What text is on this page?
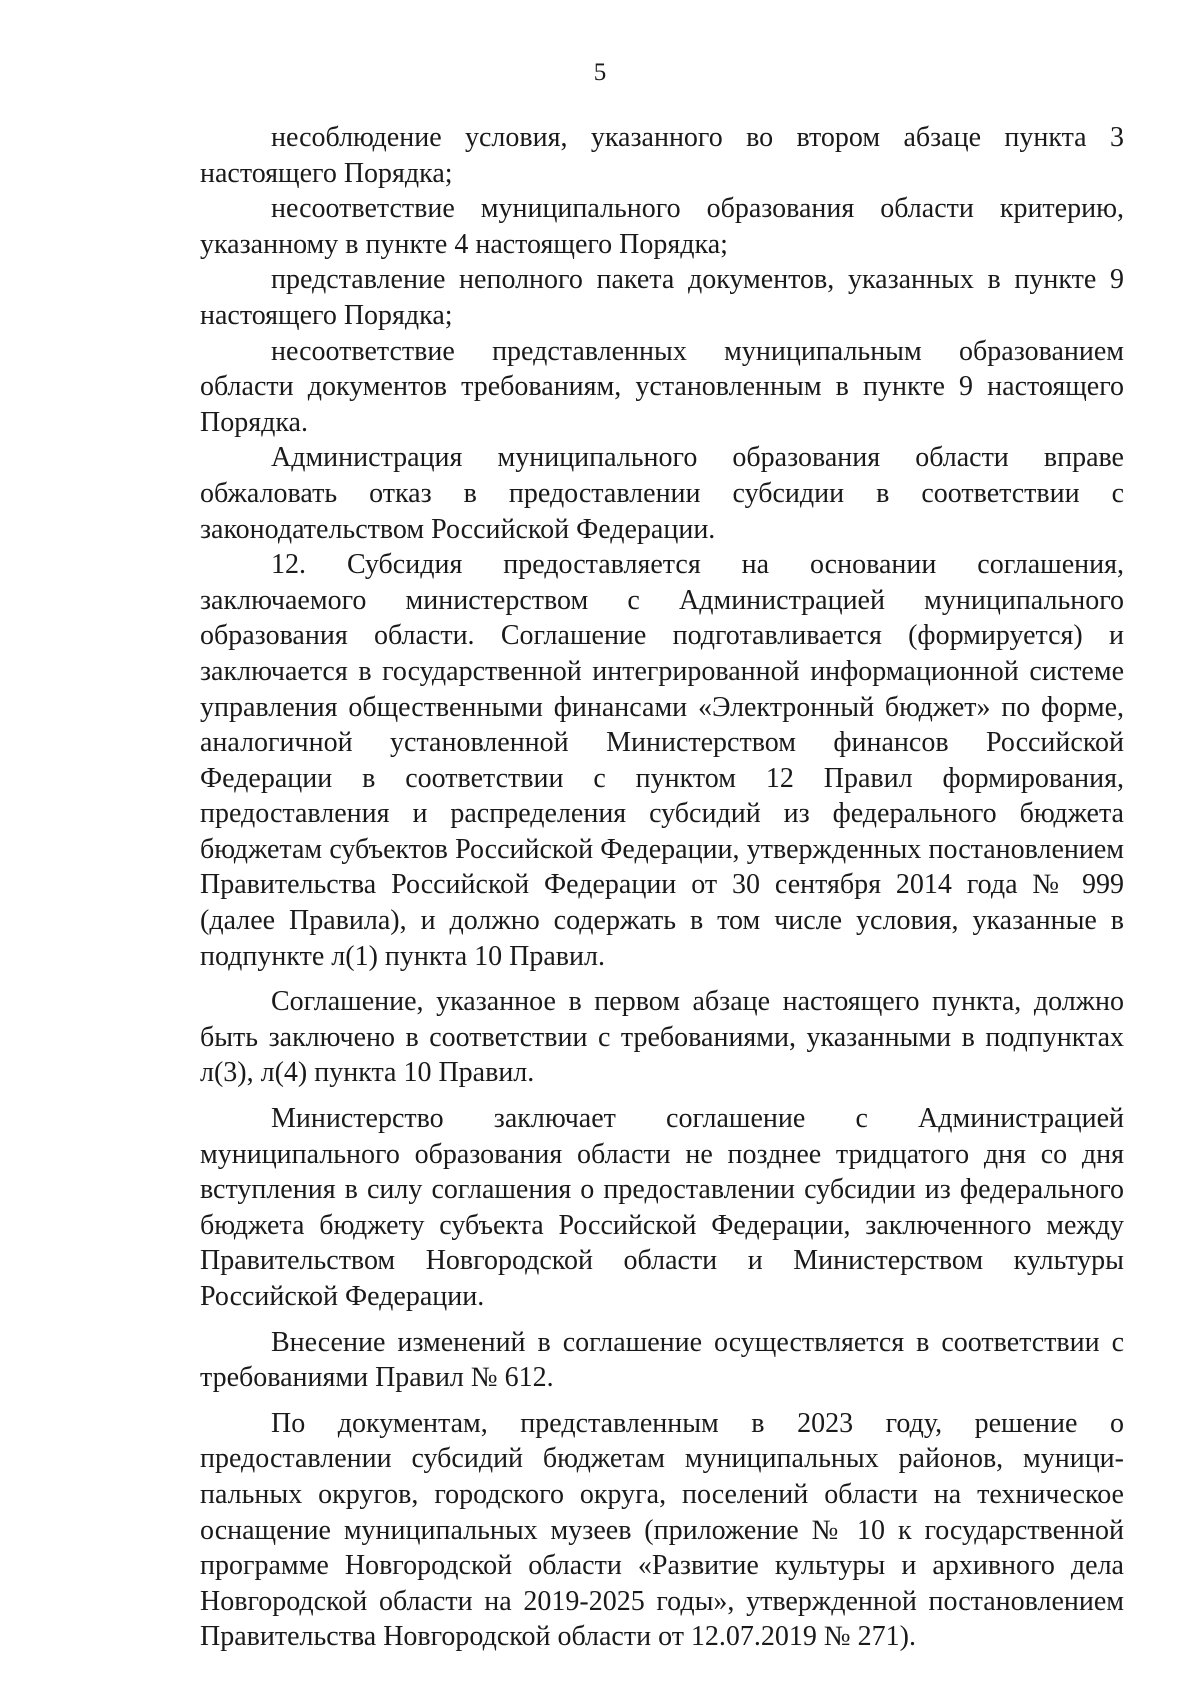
5

несоблюдение условия, указанного во втором абзаце пункта 3 настоящего Порядка;

несоответствие муниципального образования области критерию, указанному в пункте 4 настоящего Порядка;

представление неполного пакета документов, указанных в пункте 9 настоящего Порядка;

несоответствие представленных муниципальным образованием области документов требованиям, установленным в пункте 9 настоящего Порядка.

Администрация муниципального образования области вправе обжаловать отказ в предоставлении субсидии в соответствии с законодательством Российской Федерации.

12. Субсидия предоставляется на основании соглашения, заключаемого министерством с Администрацией муниципального образования области. Соглашение подготавливается (формируется) и заключается в государственной интегрированной информационной системе управления общественными финансами «Электронный бюджет» по форме, аналогичной установленной Министерством финансов Российской Федерации в соответствии с пунктом 12 Правил формирования, предоставления и распределения субсидий из федерального бюджета бюджетам субъектов Российской Федерации, утвержденных постановлением Правительства Российской Федерации от 30 сентября 2014 года № 999 (далее Правила), и должно содержать в том числе условия, указанные в подпункте л(1) пункта 10 Правил.

Соглашение, указанное в первом абзаце настоящего пункта, должно быть заключено в соответствии с требованиями, указанными в подпунктах л(3), л(4) пункта 10 Правил.

Министерство заключает соглашение с Администрацией муниципального образования области не позднее тридцатого дня со дня вступления в силу соглашения о предоставлении субсидии из федерального бюджета бюджету субъекта Российской Федерации, заключенного между Правительством Новгородской области и Министерством культуры Российской Федерации.

Внесение изменений в соглашение осуществляется в соответствии с требованиями Правил № 612.

По документам, представленным в 2023 году, решение о предоставлении субсидий бюджетам муниципальных районов, муници-пальных округов, городского округа, поселений области на техническое оснащение муниципальных музеев (приложение № 10 к государственной программе Новгородской области «Развитие культуры и архивного дела Новгородской области на 2019-2025 годы», утвержденной постановлением Правительства Новгородской области от 12.07.2019 № 271).
